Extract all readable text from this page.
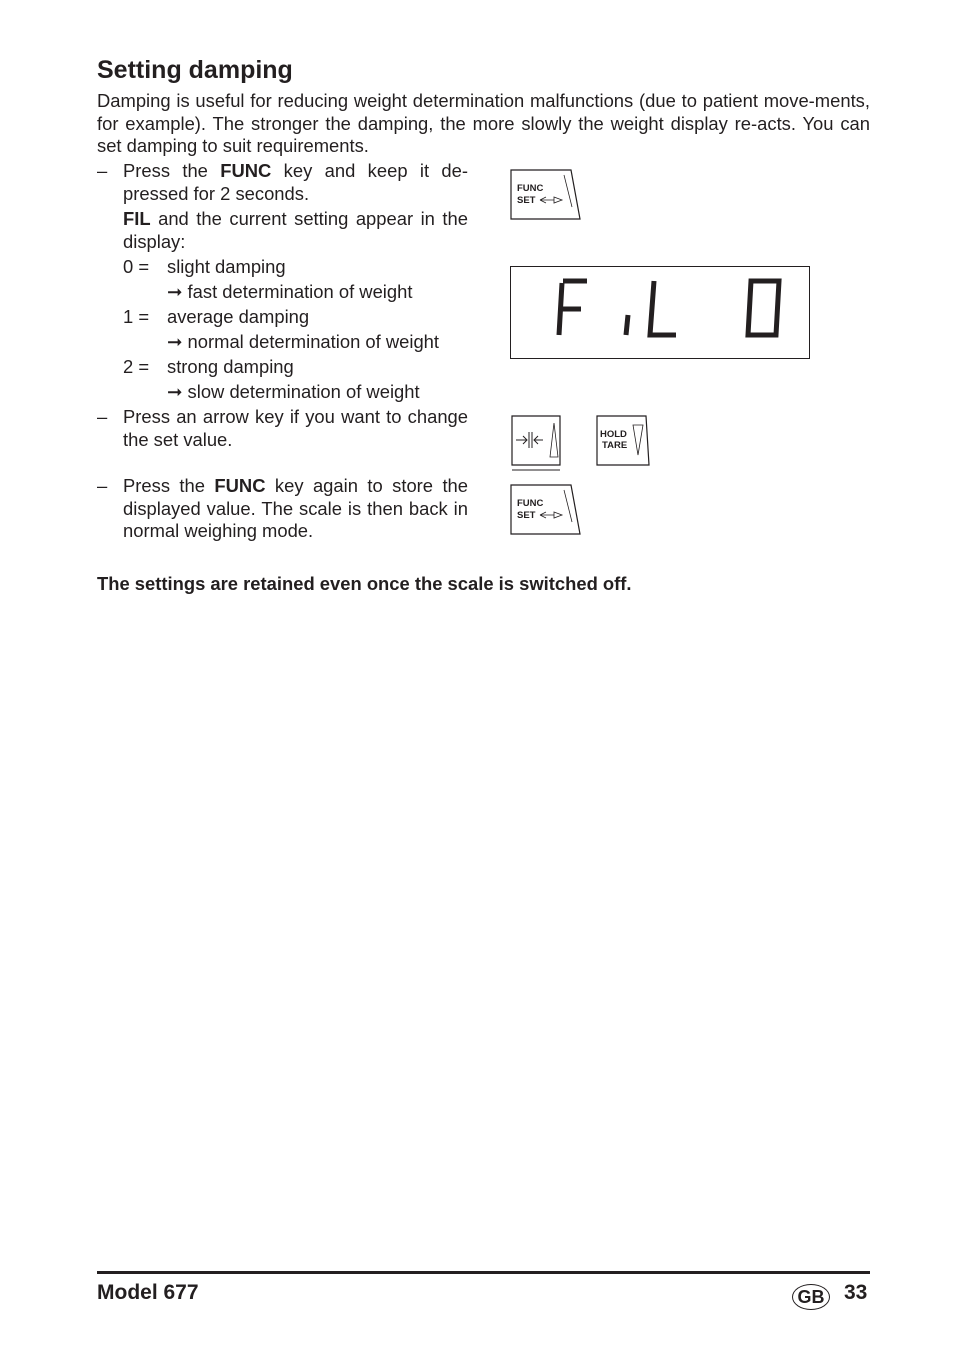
Setting damping

Damping is useful for reducing weight determination malfunctions (due to patient move-ments, for example). The stronger the damping, the more slowly the weight display re-acts. You can set damping to suit requirements.

– Press the FUNC key and keep it de-pressed for 2 seconds.
FIL and the current setting appear in the display:
0 = slight damping
➞ fast determination of weight
1 = average damping
➞ normal determination of weight
2 = strong damping
➞ slow determination of weight
– Press an arrow key if you want to change the set value.
– Press the FUNC key again to store the displayed value. The scale is then back in normal weighing mode.
FUNC
SET
FiL 0
HOLD
TARE
FUNC
SET
The settings are retained even once the scale is switched off.
Model 677	GB 33
